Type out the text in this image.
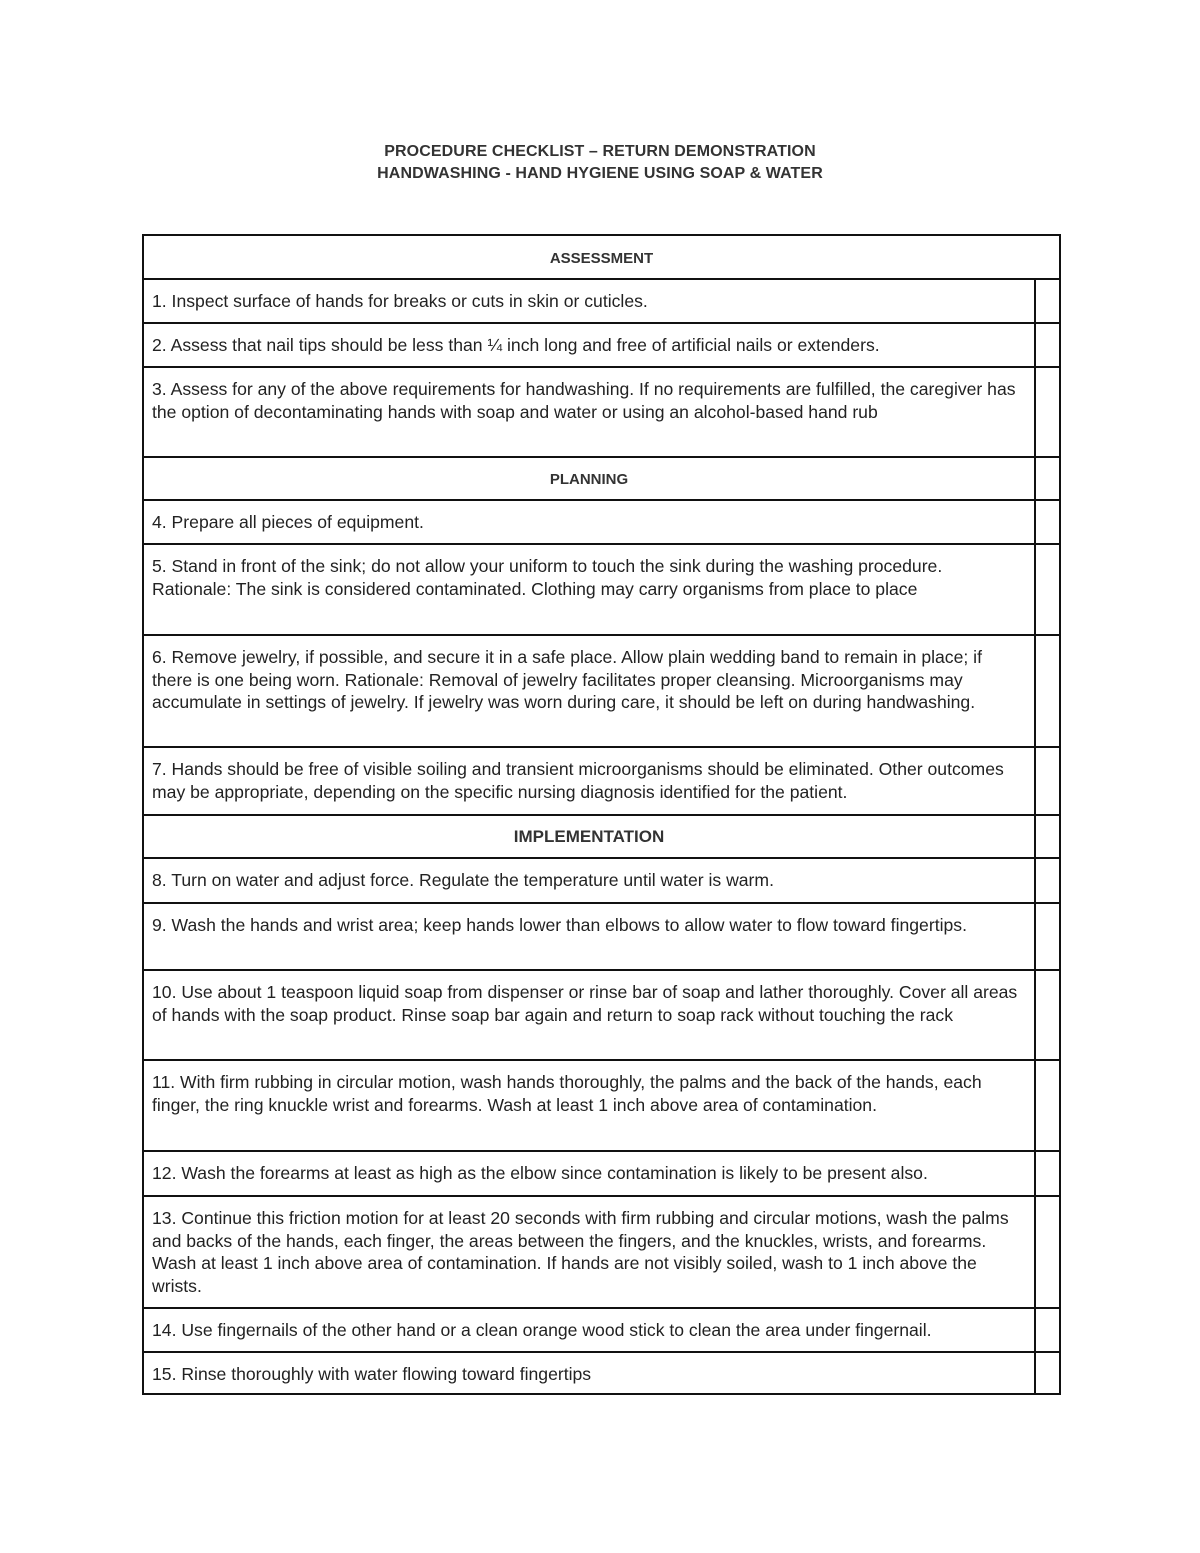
PROCEDURE CHECKLIST – RETURN DEMONSTRATION
HANDWASHING - HAND HYGIENE USING SOAP & WATER
ASSESSMENT
1. Inspect surface of hands for breaks or cuts in skin or cuticles.
2. Assess that nail tips should be less than ¼ inch long and free of artificial nails or extenders.
3. Assess for any of the above requirements for handwashing. If no requirements are fulfilled, the caregiver has the option of decontaminating hands with soap and water or using an alcohol-based hand rub
PLANNING
4. Prepare all pieces of equipment.
5. Stand in front of the sink; do not allow your uniform to touch the sink during the washing procedure. Rationale: The sink is considered contaminated. Clothing may carry organisms from place to place
6. Remove jewelry, if possible, and secure it in a safe place. Allow plain wedding band to remain in place; if there is one being worn. Rationale: Removal of jewelry facilitates proper cleansing. Microorganisms may accumulate in settings of jewelry. If jewelry was worn during care, it should be left on during handwashing.
7. Hands should be free of visible soiling and transient microorganisms should be eliminated. Other outcomes may be appropriate, depending on the specific nursing diagnosis identified for the patient.
IMPLEMENTATION
8. Turn on water and adjust force. Regulate the temperature until water is warm.
9. Wash the hands and wrist area; keep hands lower than elbows to allow water to flow toward fingertips.
10. Use about 1 teaspoon liquid soap from dispenser or rinse bar of soap and lather thoroughly. Cover all areas of hands with the soap product. Rinse soap bar again and return to soap rack without touching the rack
11. With firm rubbing in circular motion, wash hands thoroughly, the palms and the back of the hands, each finger, the ring knuckle wrist and forearms. Wash at least 1 inch above area of contamination.
12. Wash the forearms at least as high as the elbow since contamination is likely to be present also.
13. Continue this friction motion for at least 20 seconds with firm rubbing and circular motions, wash the palms and backs of the hands, each finger, the areas between the fingers, and the knuckles, wrists, and forearms. Wash at least 1 inch above area of contamination. If hands are not visibly soiled, wash to 1 inch above the wrists.
14. Use fingernails of the other hand or a clean orange wood stick to clean the area under fingernail.
15. Rinse thoroughly with water flowing toward fingertips
